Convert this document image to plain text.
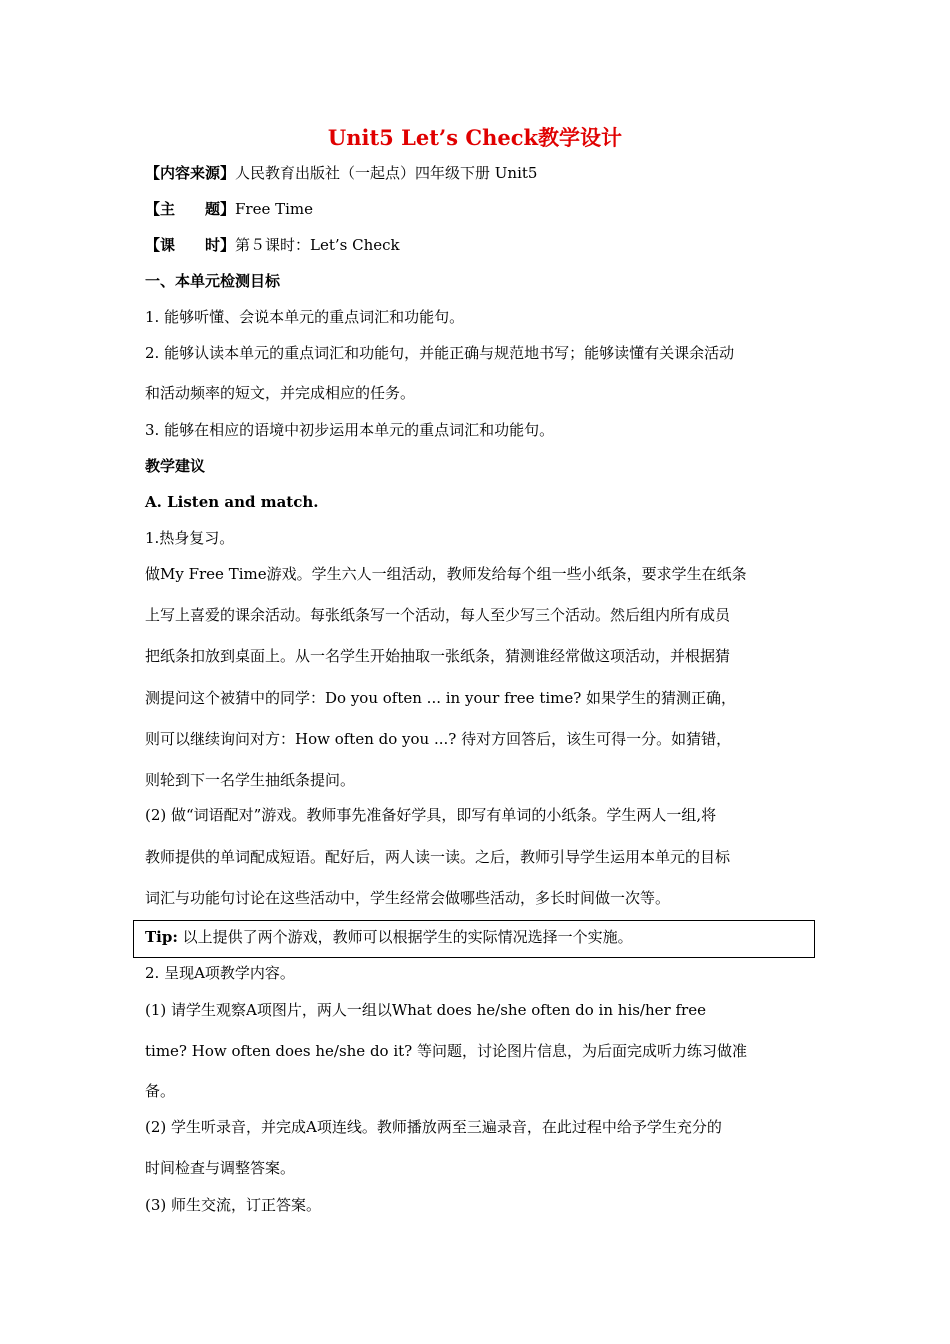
Unit5 Let’s Check教学设计
【内容来源】人民教育出版社（一起点）四年级下册 Unit5
【主　　题】Free Time
【课　　时】第５课时：Let’s Check
一、本单元检测目标
1. 能够听懂、会说本单元的重点词汇和功能句。
2. 能够认读本单元的重点词汇和功能句，并能正确与规范地书写；能够读懂有关课余活动
和活动频率的短文，并完成相应的任务。
3. 能够在相应的语境中初步运用本单元的重点词汇和功能句。
教学建议
A. Listen and match.
1.热身复习。
做My Free Time游戏。学生六人一组活动，教师发给每个组一些小纸条，要求学生在纸条
上写上喜爱的课余活动。每张纸条写一个活动，每人至少写三个活动。然后组内所有成员
把纸条扣放到桌面上。从一名学生开始抽取一张纸条，猜测谁经常做这项活动，并根据猜
测提问这个被猜中的同学：Do you often ... in your free time? 如果学生的猜测正确，
则可以继续询问对方：How often do you ...? 待对方回答后，该生可得一分。如猜错，
则轮到下一名学生抽纸条提问。
(2) 做“词语配对”游戏。教师事先准备好学具，即写有单词的小纸条。学生两人一组,将
教师提供的单词配成短语。配好后，两人读一读。之后，教师引导学生运用本单元的目标
词汇与功能句讨论在这些活动中，学生经常会做哪些活动，多长时间做一次等。
Tip: 以上提供了两个游戏，教师可以根据学生的实际情况选择一个实施。
2. 呈现A项教学内容。
(1) 请学生观察A项图片，两人一组以What does he/she often do in his/her free
time? How often does he/she do it? 等问题，讨论图片信息，为后面完成听力练习做准
备。
(2) 学生听录音，并完成A项连线。教师播放两至三遍录音，在此过程中给予学生充分的
时间检查与调整答案。
(3) 师生交流，订正答案。
